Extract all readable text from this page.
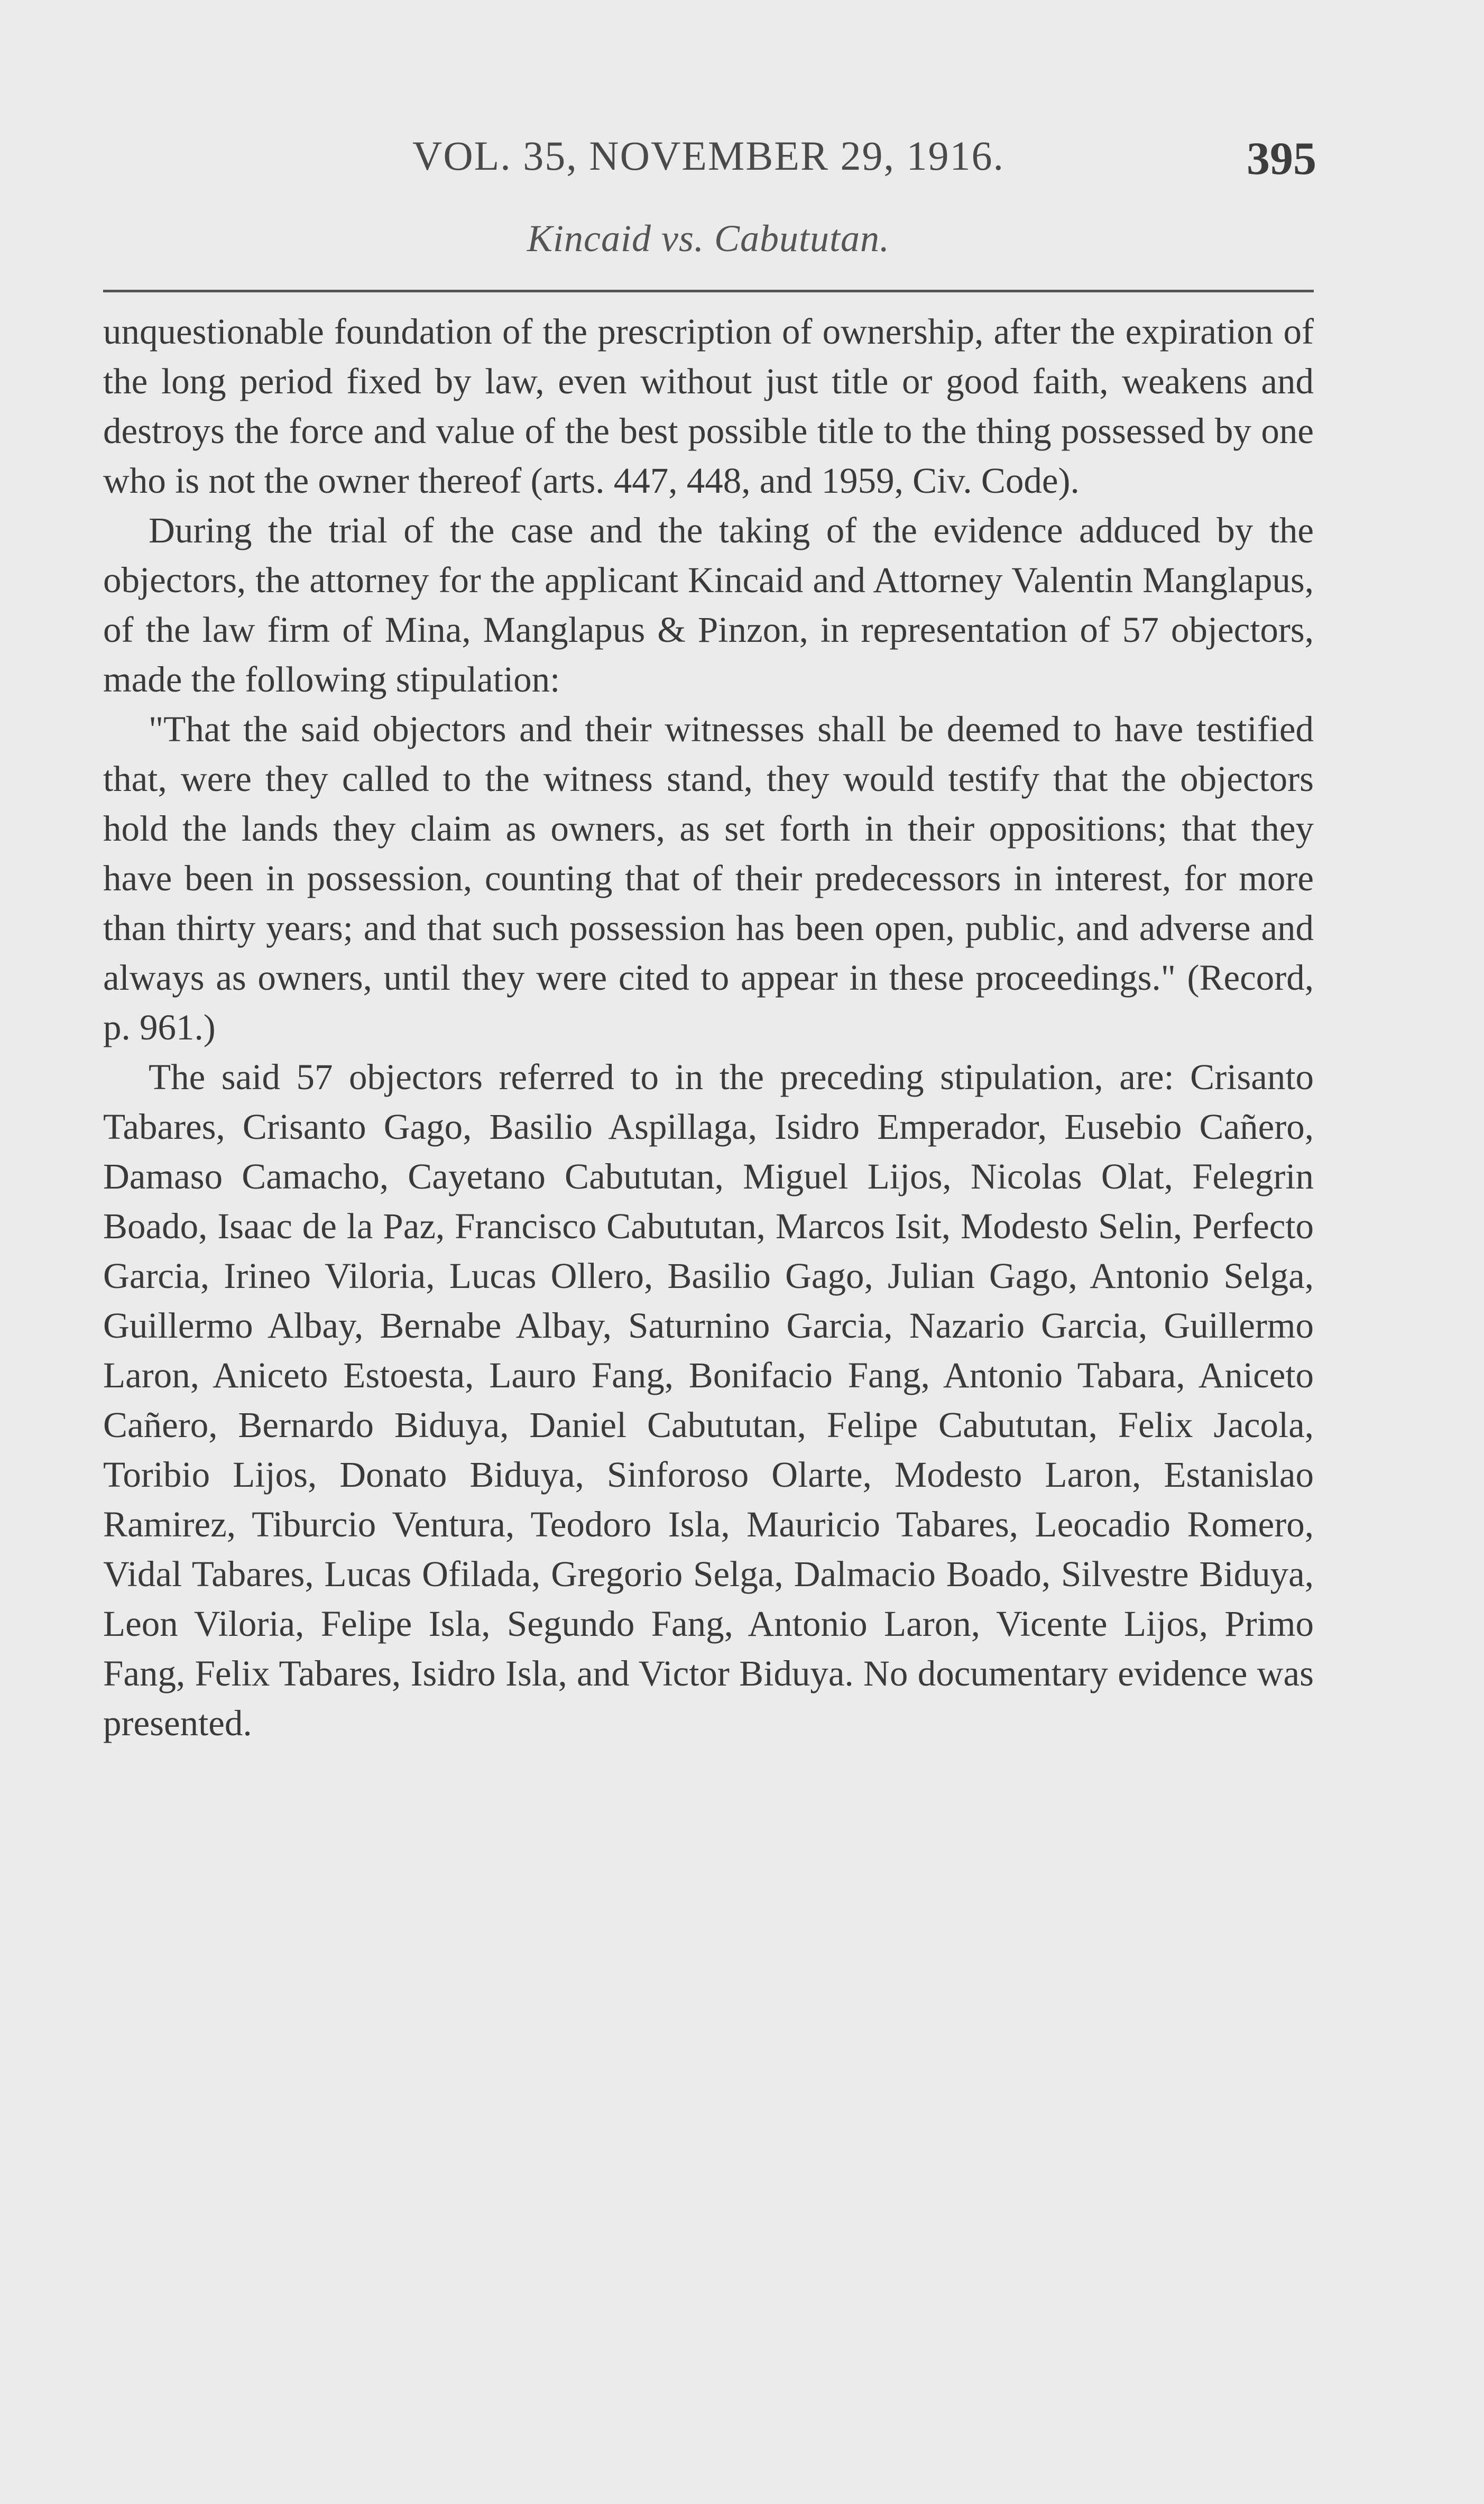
VOL. 35, NOVEMBER 29, 1916.	395
Kincaid vs. Cabututan.

unquestionable foundation of the prescription of ownership, after the expiration of the long period fixed by law, even without just title or good faith, weakens and destroys the force and value of the best possible title to the thing possessed by one who is not the owner thereof (arts. 447, 448, and 1959, Civ. Code).

During the trial of the case and the taking of the evidence adduced by the objectors, the attorney for the applicant Kincaid and Attorney Valentin Manglapus, of the law firm of Mina, Manglapus & Pinzon, in representation of 57 objectors, made the following stipulation:

"That the said objectors and their witnesses shall be deemed to have testified that, were they called to the witness stand, they would testify that the objectors hold the lands they claim as owners, as set forth in their oppositions; that they have been in possession, counting that of their predecessors in interest, for more than thirty years; and that such possession has been open, public, and adverse and always as owners, until they were cited to appear in these proceedings." (Record, p. 961.)

The said 57 objectors referred to in the preceding stipulation, are: Crisanto Tabares, Crisanto Gago, Basilio Aspillaga, Isidro Emperador, Eusebio Cañero, Damaso Camacho, Cayetano Cabututan, Miguel Lijos, Nicolas Olat, Felegrin Boado, Isaac de la Paz, Francisco Cabututan, Marcos Isit, Modesto Selin, Perfecto Garcia, Irineo Viloria, Lucas Ollero, Basilio Gago, Julian Gago, Antonio Selga, Guillermo Albay, Bernabe Albay, Saturnino Garcia, Nazario Garcia, Guillermo Laron, Aniceto Estoesta, Lauro Fang, Bonifacio Fang, Antonio Tabara, Aniceto Cañero, Bernardo Biduya, Daniel Cabututan, Felipe Cabututan, Felix Jacola, Toribio Lijos, Donato Biduya, Sinforoso Olarte, Modesto Laron, Estanislao Ramirez, Tiburcio Ventura, Teodoro Isla, Mauricio Tabares, Leocadio Romero, Vidal Tabares, Lucas Ofilada, Gregorio Selga, Dalmacio Boado, Silvestre Biduya, Leon Viloria, Felipe Isla, Segundo Fang, Antonio Laron, Vicente Lijos, Primo Fang, Felix Tabares, Isidro Isla, and Victor Biduya. No documentary evidence was presented.
